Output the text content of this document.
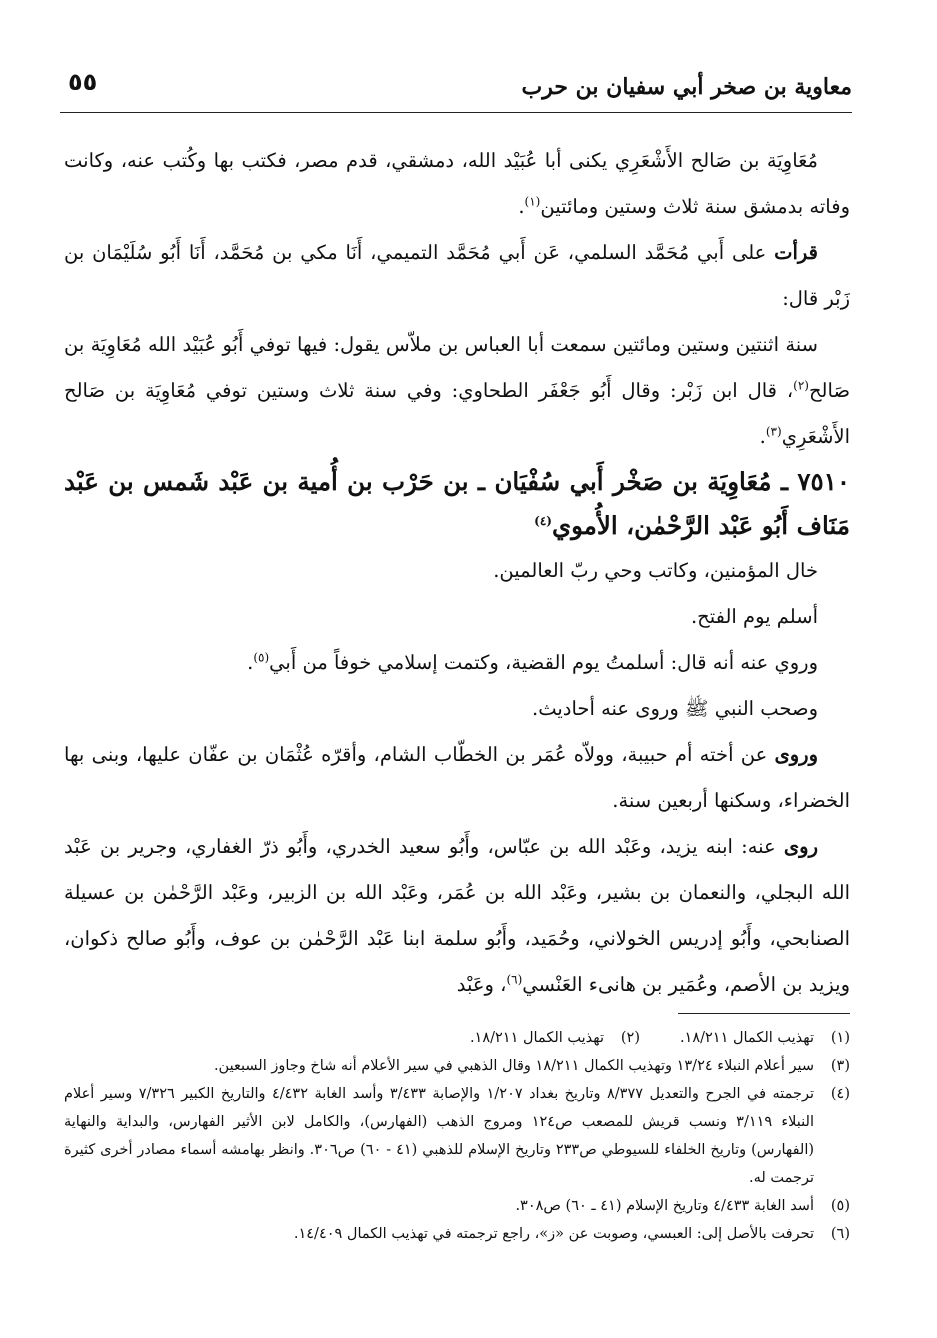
٥٥	معاوية بن صخر أبي سفيان بن حرب

مُعَاوِيَة بن صَالح الأَشْعَرِي يكنى أبا عُبَيْد الله، دمشقي، قدم مصر، فكتب بها وكُتب عنه، وكانت وفاته بدمشق سنة ثلاث وستين ومائتين$^{(١)}$.

قرأت على أَبي مُحَمَّد السلمي، عَن أَبي مُحَمَّد التميمي، أَنَا مكي بن مُحَمَّد، أَنَا أَبُو سُلَيْمَان بن زَبْر قال:

سنة اثنتين وستين ومائتين سمعت أبا العباس بن ملاّس يقول: فيها توفي أَبُو عُبَيْد الله مُعَاوِيَة بن صَالح$^{(٢)}$، قال ابن زَبْر: وقال أَبُو جَعْفَر الطحاوي: وفي سنة ثلاث وستين توفي مُعَاوِيَة بن صَالح الأَشْعَرِي$^{(٣)}$.

٧٥١٠ ـ مُعَاوِيَة بن صَخْر أَبي سُفْيَان ـ بن حَرْب بن أُمية بن عَبْد شَمس بن عَبْد مَنَاف أَبُو عَبْد الرَّحْمٰن، الأُموي$^{(٤)}$

خال المؤمنين، وكاتب وحي ربّ العالمين.

أسلم يوم الفتح.

وروي عنه أنه قال: أسلمتُ يوم القضية، وكتمت إسلامي خوفاً من أَبي$^{(٥)}$.

وصحب النبي ﷺ وروى عنه أحاديث.

وروى عن أخته أم حبيبة، وولاّه عُمَر بن الخطّاب الشام، وأقرّه عُثْمَان بن عفّان عليها، وبنى بها الخضراء، وسكنها أربعين سنة.

روى عنه: ابنه يزيد، وعَبْد الله بن عبّاس، وأَبُو سعيد الخدري، وأَبُو ذرّ الغفاري، وجرير بن عَبْد الله البجلي، والنعمان بن بشير، وعَبْد الله بن عُمَر، وعَبْد الله بن الزبير، وعَبْد الرَّحْمٰن بن عسيلة الصنابحي، وأَبُو إدريس الخولاني، وحُمَيد، وأَبُو سلمة ابنا عَبْد الرَّحْمٰن بن عوف، وأَبُو صالح ذكوان، ويزيد بن الأصم، وعُمَير بن هانىء العَنْسي$^{(٦)}$، وعَبْد

(١)
تهذيب الكمال ١٨/٢١١.
(٢)
تهذيب الكمال ١٨/٢١١.
(٣)
سير أعلام النبلاء ١٣/٢٤ وتهذيب الكمال ١٨/٢١١ وقال الذهبي في سير الأعلام أنه شاخ وجاوز السبعين.
(٤)
ترجمته في الجرح والتعديل ٨/٣٧٧ وتاريخ بغداد ١/٢٠٧ والإصابة ٣/٤٣٣ وأسد الغابة ٤/٤٣٢ والتاريخ الكبير ٧/٣٢٦ وسير أعلام النبلاء ٣/١١٩ ونسب قريش للمصعب ص١٢٤ ومروج الذهب (الفهارس)، والكامل لابن الأثير الفهارس، والبداية والنهاية (الفهارس) وتاريخ الخلفاء للسيوطي ص٢٣٣ وتاريخ الإسلام للذهبي (٤١ - ٦٠) ص٣٠٦. وانظر بهامشه أسماء مصادر أخرى كثيرة ترجمت له.
(٥)
أسد الغابة ٤/٤٣٣ وتاريخ الإسلام (٤١ ـ ٦٠) ص٣٠٨.
(٦)
تحرفت بالأصل إلى: العبسي، وصوبت عن «ز»، راجع ترجمته في تهذيب الكمال ١٤/٤٠٩.
